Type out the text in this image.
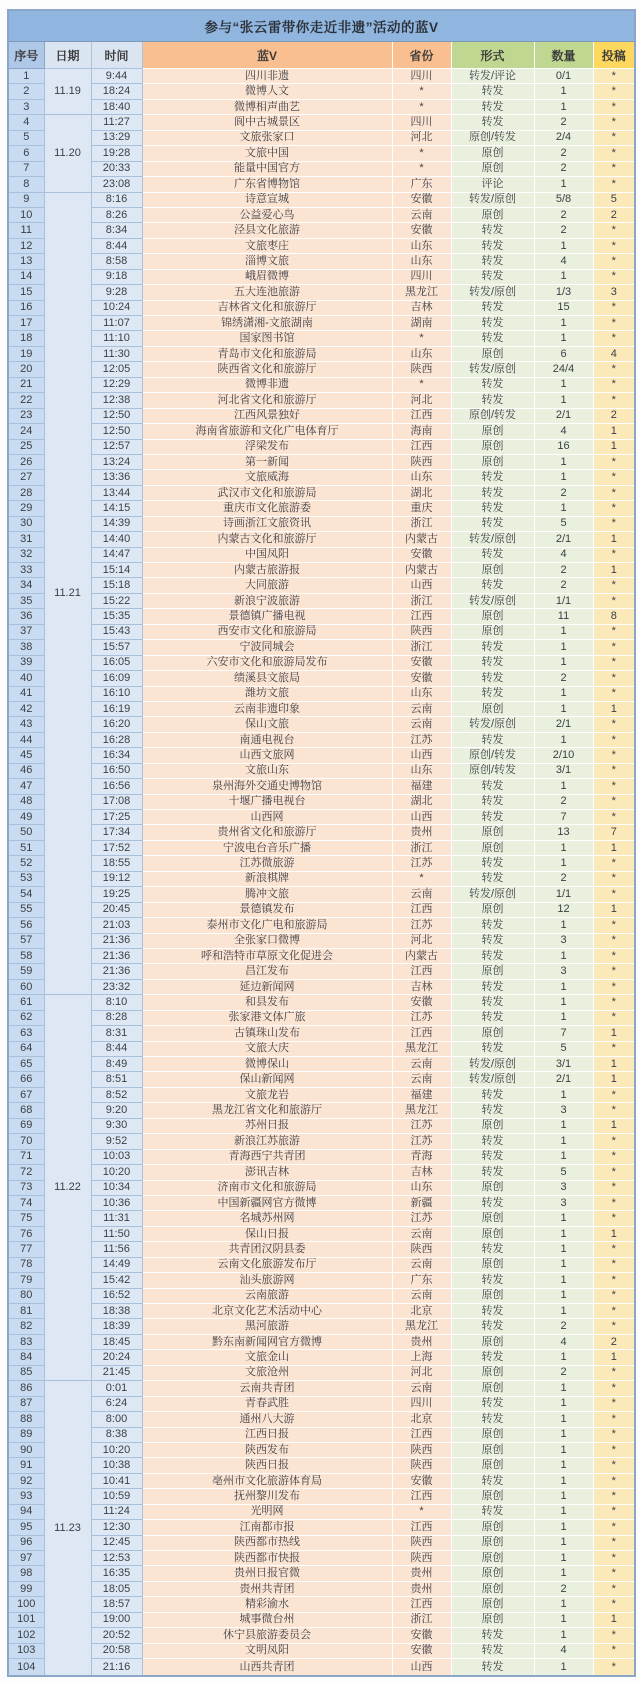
参与“张云雷带你走近非遗”活动的蓝V							
序号	日期	时间	蓝V	省份	形式	数量	投稿
1	11.19	9:44	四川非遗	四川	转发/评论	0/1	*
2		18:24	微博人文	*	转发	1	*
3		18:40	微博相声曲艺	*	转发	1	*
4	11.20	11:27	阆中古城景区	四川	转发	2	*
5		13:29	文旅张家口	河北	原创/转发	2/4	*
6		19:28	文旅中国	*	原创	2	*
7		20:33	能量中国官方	*	原创	2	*
8		23:08	广东省博物馆	广东	评论	1	*
9	11.21	8:16	诗意宣城	安徽	转发/原创	5/8	5
10		8:26	公益爱心鸟	云南	原创	2	2
11		8:34	泾县文化旅游	安徽	转发	2	*
12		8:44	文旅枣庄	山东	转发	1	*
13		8:58	淄博文旅	山东	转发	4	*
14		9:18	峨眉微博	四川	转发	1	*
15		9:28	五大连池旅游	黑龙江	转发/原创	1/3	3
16		10:24	吉林省文化和旅游厅	吉林	转发	15	*
17		11:07	锦绣潇湘-文旅湖南	湖南	转发	1	*
18		11:10	国家图书馆	*	转发	1	*
19		11:30	青岛市文化和旅游局	山东	原创	6	4
20		12:05	陕西省文化和旅游厅	陕西	转发/原创	24/4	*
21		12:29	微博非遗	*	转发	1	*
22		12:38	河北省文化和旅游厅	河北	转发	1	*
23		12:50	江西风景独好	江西	原创/转发	2/1	2
24		12:50	海南省旅游和文化广电体育厅	海南	原创	4	1
25		12:57	浮梁发布	江西	原创	16	1
26		13:24	第一新闻	陕西	原创	1	*
27		13:36	文旅威海	山东	转发	1	*
28		13:44	武汉市文化和旅游局	湖北	转发	2	*
29		14:15	重庆市文化旅游委	重庆	转发	1	*
30		14:39	诗画浙江文旅资讯	浙江	转发	5	*
31		14:40	内蒙古文化和旅游厅	内蒙古	转发/原创	2/1	1
32		14:47	中国凤阳	安徽	转发	4	*
33		15:14	内蒙古旅游报	内蒙古	原创	2	1
34		15:18	大同旅游	山西	转发	2	*
35		15:22	新浪宁波旅游	浙江	转发/原创	1/1	*
36		15:35	景德镇广播电视	江西	原创	11	8
37		15:43	西安市文化和旅游局	陕西	原创	1	*
38		15:57	宁波同城会	浙江	转发	1	*
39		16:05	六安市文化和旅游局发布	安徽	转发	1	*
40		16:09	绩溪县文旅局	安徽	转发	2	*
41		16:10	潍坊文旅	山东	转发	1	*
42		16:19	云南非遗印象	云南	原创	1	1
43		16:20	保山文旅	云南	转发/原创	2/1	*
44		16:28	南通电视台	江苏	转发	1	*
45		16:34	山西文旅网	山西	原创/转发	2/10	*
46		16:50	文旅山东	山东	原创/转发	3/1	*
47		16:56	泉州海外交通史博物馆	福建	转发	1	*
48		17:08	十堰广播电视台	湖北	转发	2	*
49		17:25	山西网	山西	转发	7	*
50		17:34	贵州省文化和旅游厅	贵州	原创	13	7
51		17:52	宁波电台音乐广播	浙江	原创	1	1
52		18:55	江苏微旅游	江苏	转发	1	*
53		19:12	新浪棋牌	*	转发	2	*
54		19:25	腾冲文旅	云南	转发/原创	1/1	*
55		20:45	景德镇发布	江西	原创	12	1
56		21:03	泰州市文化广电和旅游局	江苏	转发	1	*
57		21:36	全张家口微博	河北	转发	3	*
58		21:36	呼和浩特市草原文化促进会	内蒙古	转发	1	*
59		21:36	昌江发布	江西	原创	3	*
60		23:32	延边新闻网	吉林	转发	1	*
61	11.22	8:10	和县发布	安徽	转发	1	*
62		8:28	张家港文体广旅	江苏	转发	1	*
63		8:31	古镇珠山发布	江西	原创	7	1
64		8:44	文旅大庆	黑龙江	转发	5	*
65		8:49	微博保山	云南	转发/原创	3/1	1
66		8:51	保山新闻网	云南	转发/原创	2/1	1
67		8:52	文旅龙岩	福建	转发	1	*
68		9:20	黑龙江省文化和旅游厅	黑龙江	转发	3	*
69		9:30	苏州日报	江苏	原创	1	1
70		9:52	新浪江苏旅游	江苏	转发	1	*
71		10:03	青海西宁共青团	青海	转发	1	*
72		10:20	澎讯吉林	吉林	转发	5	*
73		10:34	济南市文化和旅游局	山东	原创	3	*
74		10:36	中国新疆网官方微博	新疆	转发	3	*
75		11:31	名城苏州网	江苏	原创	1	*
76		11:50	保山日报	云南	原创	1	1
77		11:56	共青团汉阴县委	陕西	转发	1	*
78		14:49	云南文化旅游发布厅	云南	原创	1	*
79		15:42	汕头旅游网	广东	转发	1	*
80		16:52	云南旅游	云南	原创	1	*
81		18:38	北京文化艺术活动中心	北京	转发	1	*
82		18:39	黑河旅游	黑龙江	转发	2	*
83		18:45	黔东南新闻网官方微博	贵州	原创	4	2
84		20:24	文旅金山	上海	转发	1	1
85		21:45	文旅沧州	河北	原创	2	*
86	11.23	0:01	云南共青团	云南	原创	1	*
87		6:24	青春武胜	四川	转发	1	*
88		8:00	通州八大游	北京	转发	1	*
89		8:38	江西日报	江西	原创	1	*
90		10:20	陕西发布	陕西	原创	1	*
91		10:38	陕西日报	陕西	原创	1	*
92		10:41	亳州市文化旅游体育局	安徽	转发	1	*
93		10:59	抚州黎川发布	江西	原创	1	*
94		11:24	光明网	*	转发	1	*
95		12:30	江南都市报	江西	原创	1	*
96		12:45	陕西都市热线	陕西	原创	1	*
97		12:53	陕西都市快报	陕西	原创	1	*
98		16:35	贵州日报官微	贵州	原创	1	*
99		18:05	贵州共青团	贵州	原创	2	*
100		18:57	精彩渝水	江西	原创	1	*
101		19:00	城事微台州	浙江	原创	1	1
102		20:52	休宁县旅游委员会	安徽	转发	1	*
103		20:58	文明凤阳	安徽	转发	4	*
104		21:16	山西共青团	山西	转发	1	*
